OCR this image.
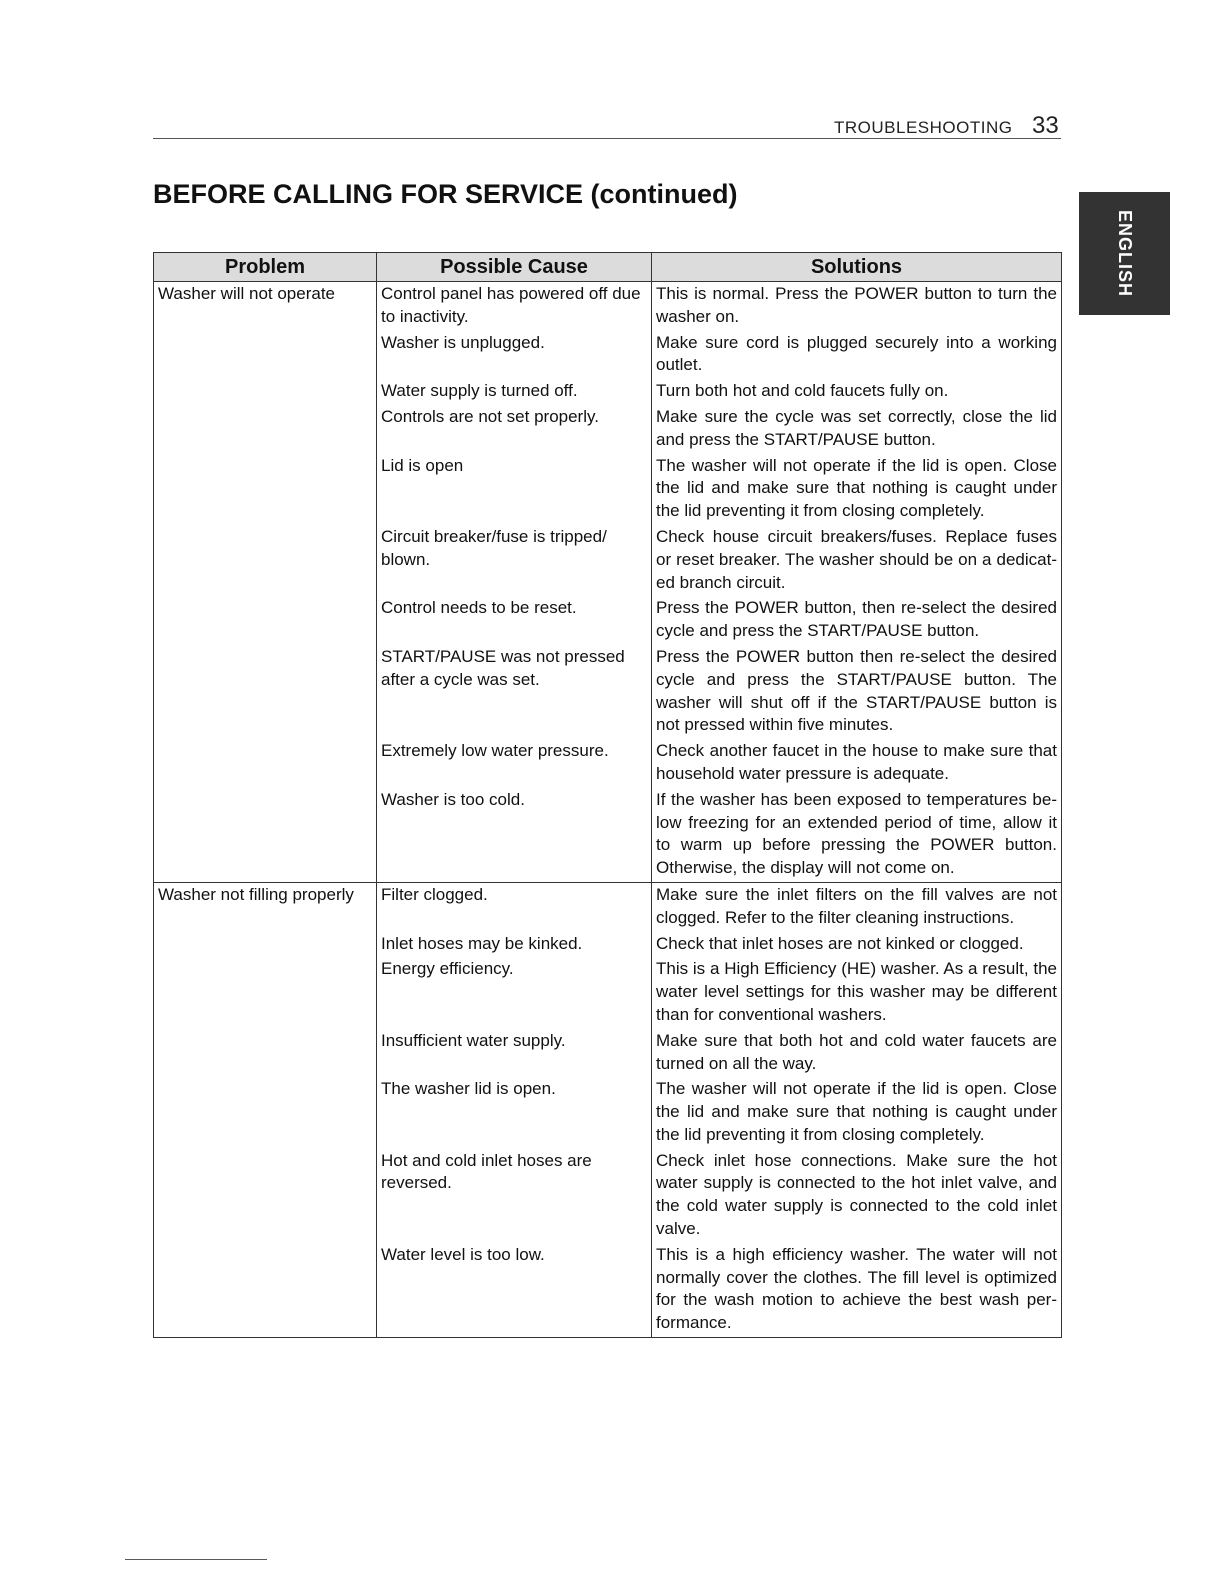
TROUBLESHOOTING 33
BEFORE CALLING FOR SERVICE (continued)
ENGLISH
Problem	Possible Cause	Solutions
Washer will not operate	Control panel has powered off due to inactivity.	This is normal. Press the POWER button to turn the washer on.
	Washer is unplugged.	Make sure cord is plugged securely into a working outlet.
	Water supply is turned off.	Turn both hot and cold faucets fully on.
	Controls are not set properly.	Make sure the cycle was set correctly, close the lid and press the START/PAUSE button.
	Lid is open	The washer will not operate if the lid is open. Close the lid and make sure that nothing is caught under the lid preventing it from closing completely.
	Circuit breaker/fuse is tripped/ blown.	Check house circuit breakers/fuses. Replace fuses or reset breaker. The washer should be on a dedicat-ed branch circuit.
	Control needs to be reset.	Press the POWER button, then re-select the desired cycle and press the START/PAUSE button.
	START/PAUSE was not pressed after a cycle was set.	Press the POWER button then re-select the desired cycle and press the START/PAUSE button. The washer will shut off if the START/PAUSE button is not pressed within five minutes.
	Extremely low water pressure.	Check another faucet in the house to make sure that household water pressure is adequate.
	Washer is too cold.	If the washer has been exposed to temperatures be-low freezing for an extended period of time, allow it to warm up before pressing the POWER button. Otherwise, the display will not come on.
Washer not filling properly	Filter clogged.	Make sure the inlet filters on the fill valves are not clogged. Refer to the filter cleaning instructions.
	Inlet hoses may be kinked.	Check that inlet hoses are not kinked or clogged.
	Energy efficiency.	This is a High Efficiency (HE) washer. As a result, the water level settings for this washer may be different than for conventional washers.
	Insufficient water supply.	Make sure that both hot and cold water faucets are turned on all the way.
	The washer lid is open.	The washer will not operate if the lid is open. Close the lid and make sure that nothing is caught under the lid preventing it from closing completely.
	Hot and cold inlet hoses are reversed.	Check inlet hose connections. Make sure the hot water supply is connected to the hot inlet valve, and the cold water supply is connected to the cold inlet valve.
	Water level is too low.	This is a high efficiency washer. The water will not normally cover the clothes. The fill level is optimized for the wash motion to achieve the best wash per-formance.
